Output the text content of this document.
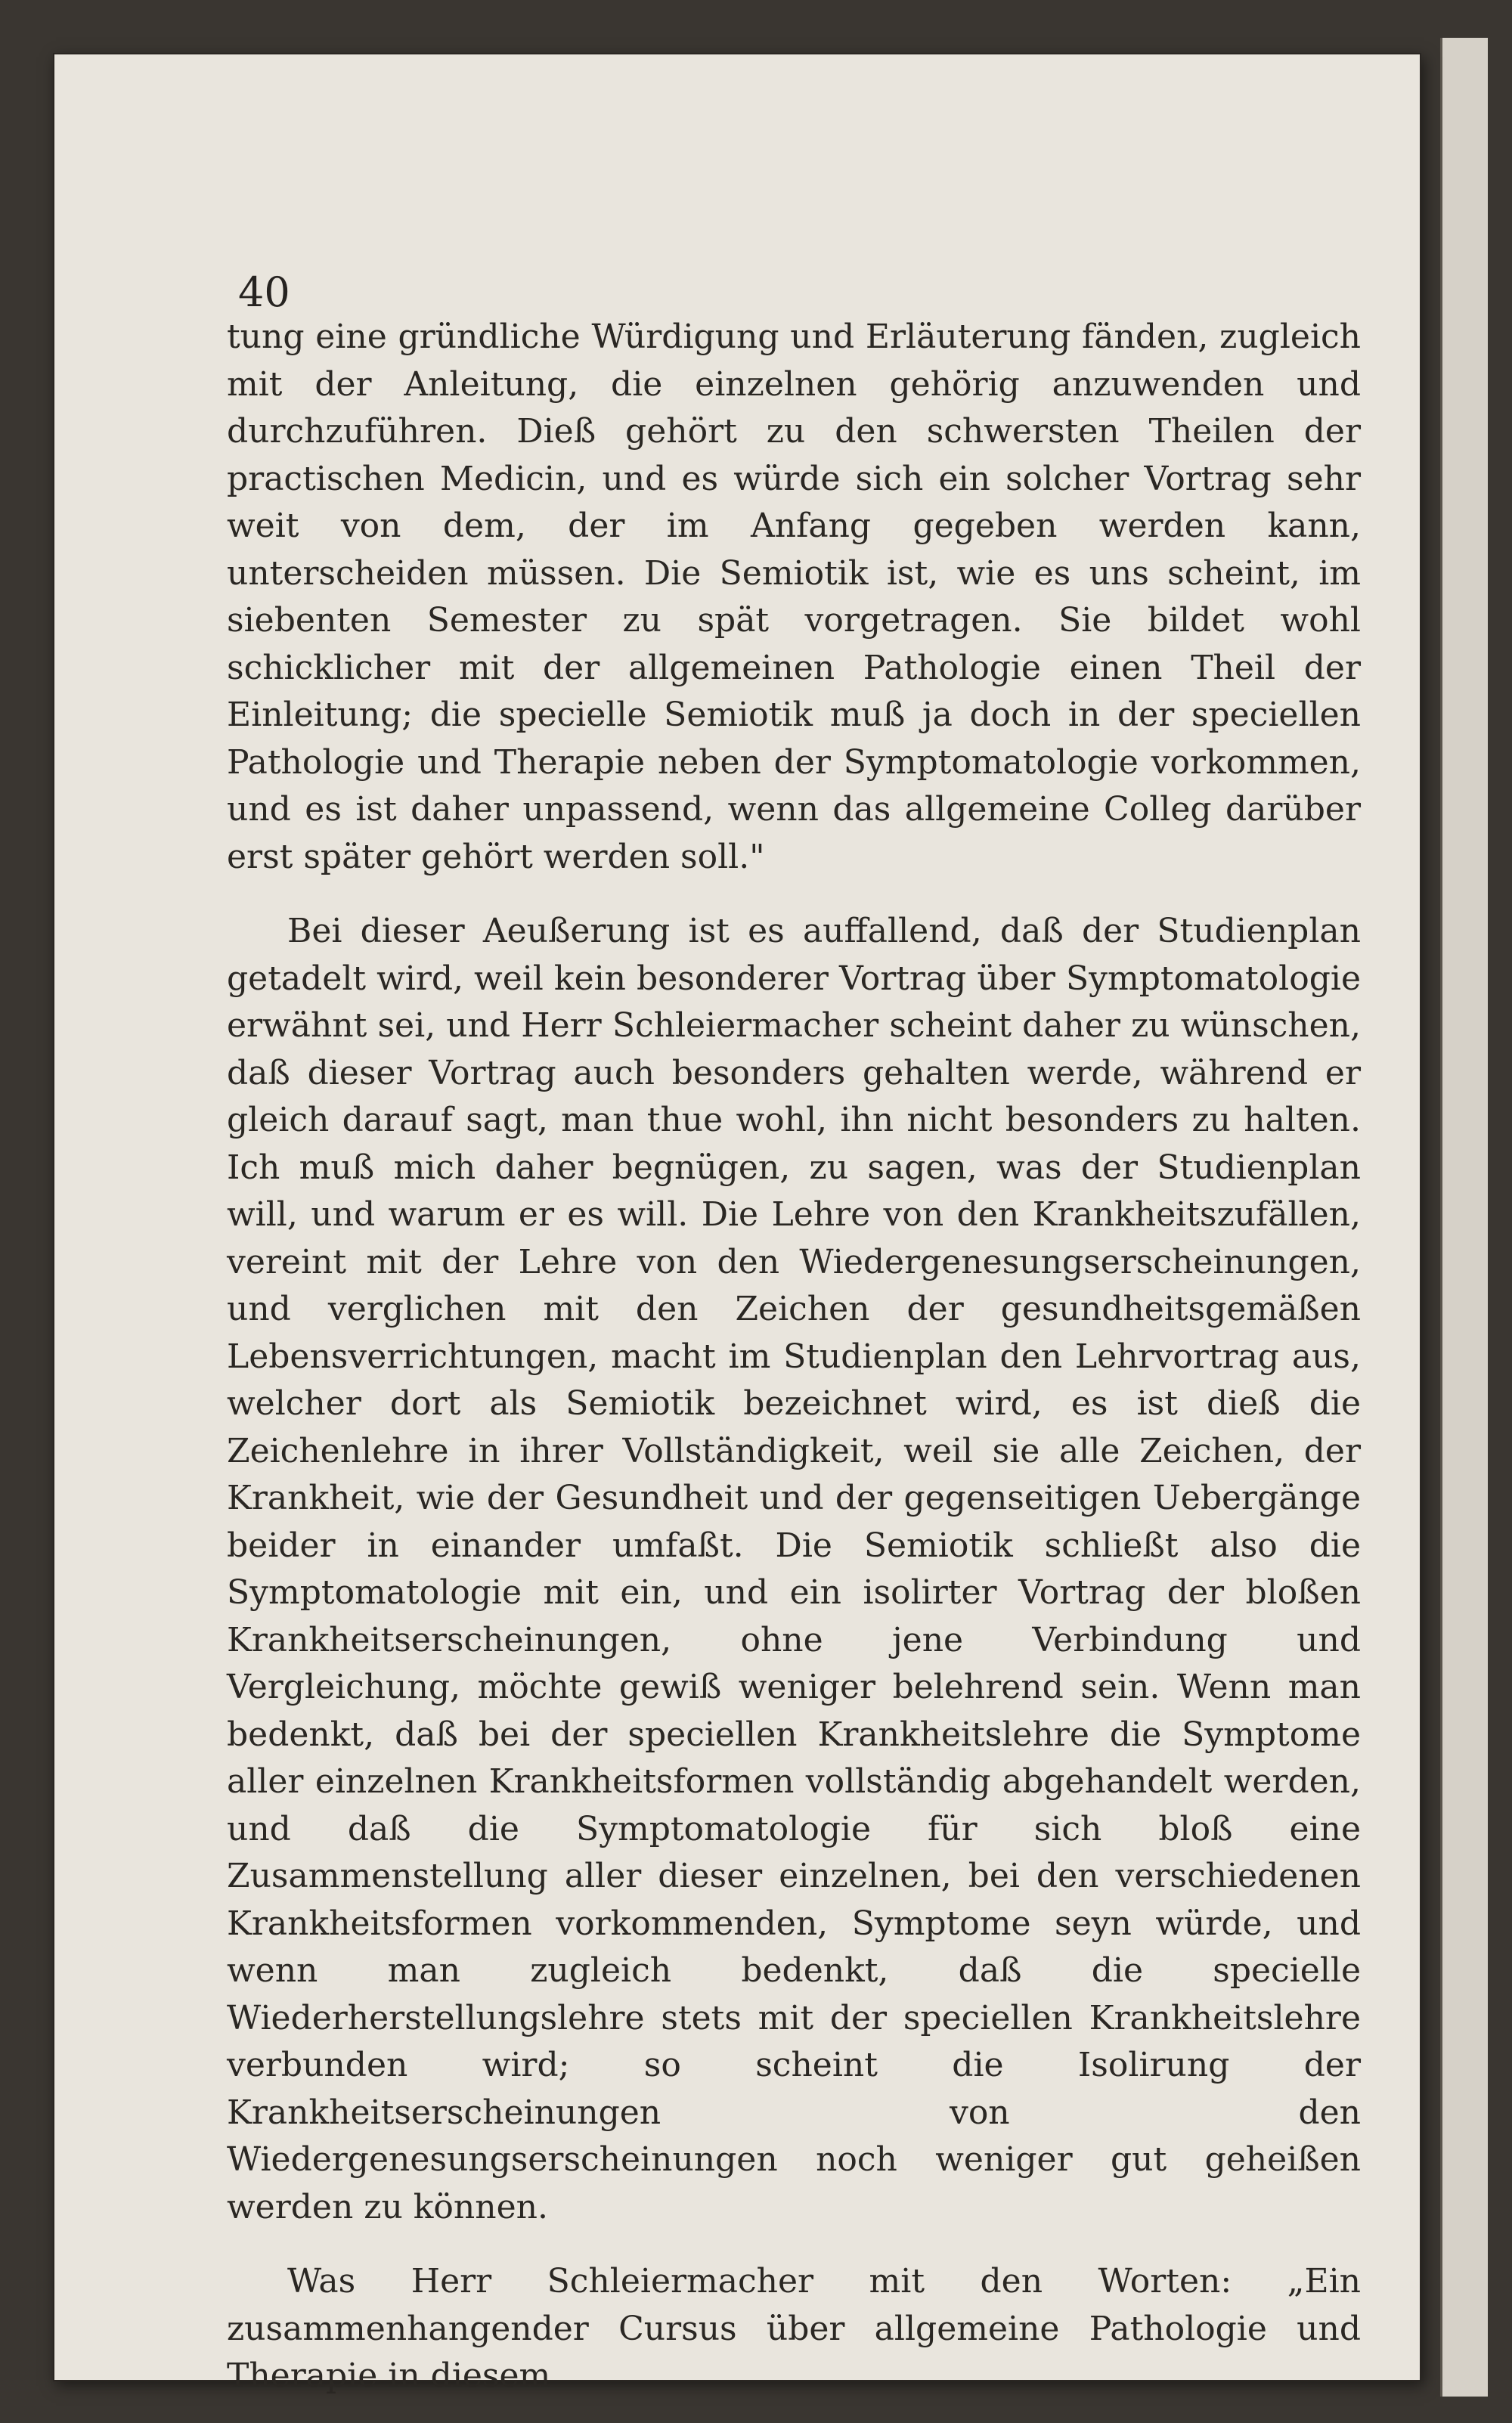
40

tung eine gründliche Würdigung und Erläuterung fänden, zugleich mit der Anleitung, die einzelnen gehörig anzuwenden und durchzuführen. Dieß gehört zu den schwersten Theilen der practischen Medicin, und es würde sich ein solcher Vortrag sehr weit von dem, der im Anfang gegeben werden kann, unterscheiden müssen. Die Semiotik ist, wie es uns scheint, im siebenten Semester zu spät vorgetragen. Sie bildet wohl schicklicher mit der allgemeinen Pathologie einen Theil der Einleitung; die specielle Semiotik muß ja doch in der speciellen Pathologie und Therapie neben der Symptomatologie vorkommen, und es ist daher unpassend, wenn das allgemeine Colleg darüber erst später gehört werden soll."

Bei dieser Aeußerung ist es auffallend, daß der Studienplan getadelt wird, weil kein besonderer Vortrag über Symptomatologie erwähnt sei, und Herr Schleiermacher scheint daher zu wünschen, daß dieser Vortrag auch besonders gehalten werde, während er gleich darauf sagt, man thue wohl, ihn nicht besonders zu halten. Ich muß mich daher begnügen, zu sagen, was der Studienplan will, und warum er es will. Die Lehre von den Krankheitszufällen, vereint mit der Lehre von den Wiedergenesungserscheinungen, und verglichen mit den Zeichen der gesundheitsgemäßen Lebensverrichtungen, macht im Studienplan den Lehrvortrag aus, welcher dort als Semiotik bezeichnet wird, es ist dieß die Zeichenlehre in ihrer Vollständigkeit, weil sie alle Zeichen, der Krankheit, wie der Gesundheit und der gegenseitigen Uebergänge beider in einander umfaßt. Die Semiotik schließt also die Symptomatologie mit ein, und ein isolirter Vortrag der bloßen Krankheitserscheinungen, ohne jene Verbindung und Vergleichung, möchte gewiß weniger belehrend sein. Wenn man bedenkt, daß bei der speciellen Krankheitslehre die Symptome aller einzelnen Krankheitsformen vollständig abgehandelt werden, und daß die Symptomatologie für sich bloß eine Zusammenstellung aller dieser einzelnen, bei den verschiedenen Krankheitsformen vorkommenden, Symptome seyn würde, und wenn man zugleich bedenkt, daß die specielle Wiederherstellungslehre stets mit der speciellen Krankheitslehre verbunden wird; so scheint die Isolirung der Krankheitserscheinungen von den Wiedergenesungserscheinungen noch weniger gut geheißen werden zu können.

Was Herr Schleiermacher mit den Worten: „Ein zusammenhangender Cursus über allgemeine Pathologie und Therapie in diesem
